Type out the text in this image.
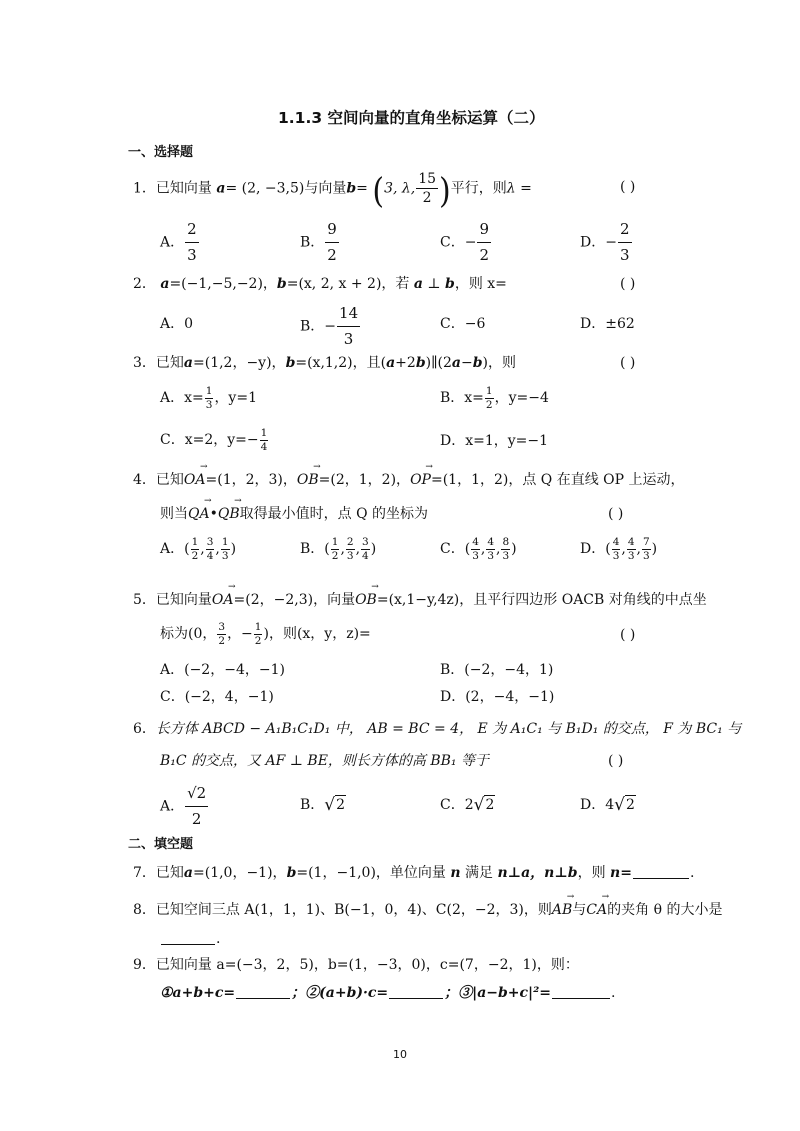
1.1.3 空间向量的直角坐标运算（二）
一、选择题
1．已知向量 a= (2, −3,5)与向量b= (3, λ, $\frac{15}{2}$ )平行，则λ =	( )
A． $\frac{2}{3}$	B． $\frac{9}{2}$	C．− $\frac{9}{2}$	D．− $\frac{2}{3}$
2． a=(−1,−5,−2)，b=(x, 2, x + 2)，若 a ⊥ b，则 x=	( )
A．0	B．− $\frac{14}{3}$	C．−6	D．±62
3．已知a=(1,2，−y)，b=(x,1,2)，且(a+2b)∥(2a−b)，则	( )
A．$x= \frac{1}{3}$ ，y=1	B．$x= \frac{1}{2}$ ，y=−4
C．x=2，$y=- \frac{1}{4}$	D．x=1，y=−1
4．已知OA
→
=(1，2，3)，OB
→
=(2，1，2)，OP
→
=(1，1，2)，点 Q 在直线 OP 上运动，
则当QA
→
•QB
→
取得最小值时，点 Q 的坐标为	( )
A．( $\frac{1}{2}$ , $\frac{3}{4}$ , $\frac{1}{3}$ )	B．( $\frac{1}{2}$ , $\frac{2}{3}$ , $\frac{3}{4}$ )	C．( $\frac{4}{3}$ , $\frac{4}{3}$ , $\frac{8}{3}$ )	D．( $\frac{4}{3}$ , $\frac{4}{3}$ , $\frac{7}{3}$ )
5．已知向量OA
→
=(2，−2,3)，向量OB
→
=(x,1−y,4z)，且平行四边形 OACB 对角线的中点坐
标为(0， $\frac{3}{2}$ ，− $\frac{1}{2}$ )，则(x，y，z)=	( )
A．(−2，−4，−1)	B．(−2，−4，1)
C．(−2，4，−1)	D．(2，−4，−1)
6．长方体 ABCD − A₁B₁C₁D₁ 中， AB = BC = 4， E 为 A₁C₁ 与 B₁D₁ 的交点， F 为 BC₁ 与
B₁C 的交点，又 AF ⊥ BE，则长方体的高 BB₁ 等于	( )
A． $\frac{√2}{2}$	B．√2	C．2√2	D．4√2
二、填空题
7．已知a=(1,0，−1)，b=(1，−1,0)，单位向量 n 满足 n⊥a，n⊥b，则 n=	.
8．已知空间三点 A(1，1，1)、B(−1，0，4)、C(2，−2，3)，则AB
→
与CA
→
的夹角 θ 的大小是
.
9．已知向量 a=(−3，2，5)，b=(1，−3，0)，c=(7，−2，1)，则：
①a+b+c=	；②(a+b)·c=	；③|a−b+c|²=	.
10
